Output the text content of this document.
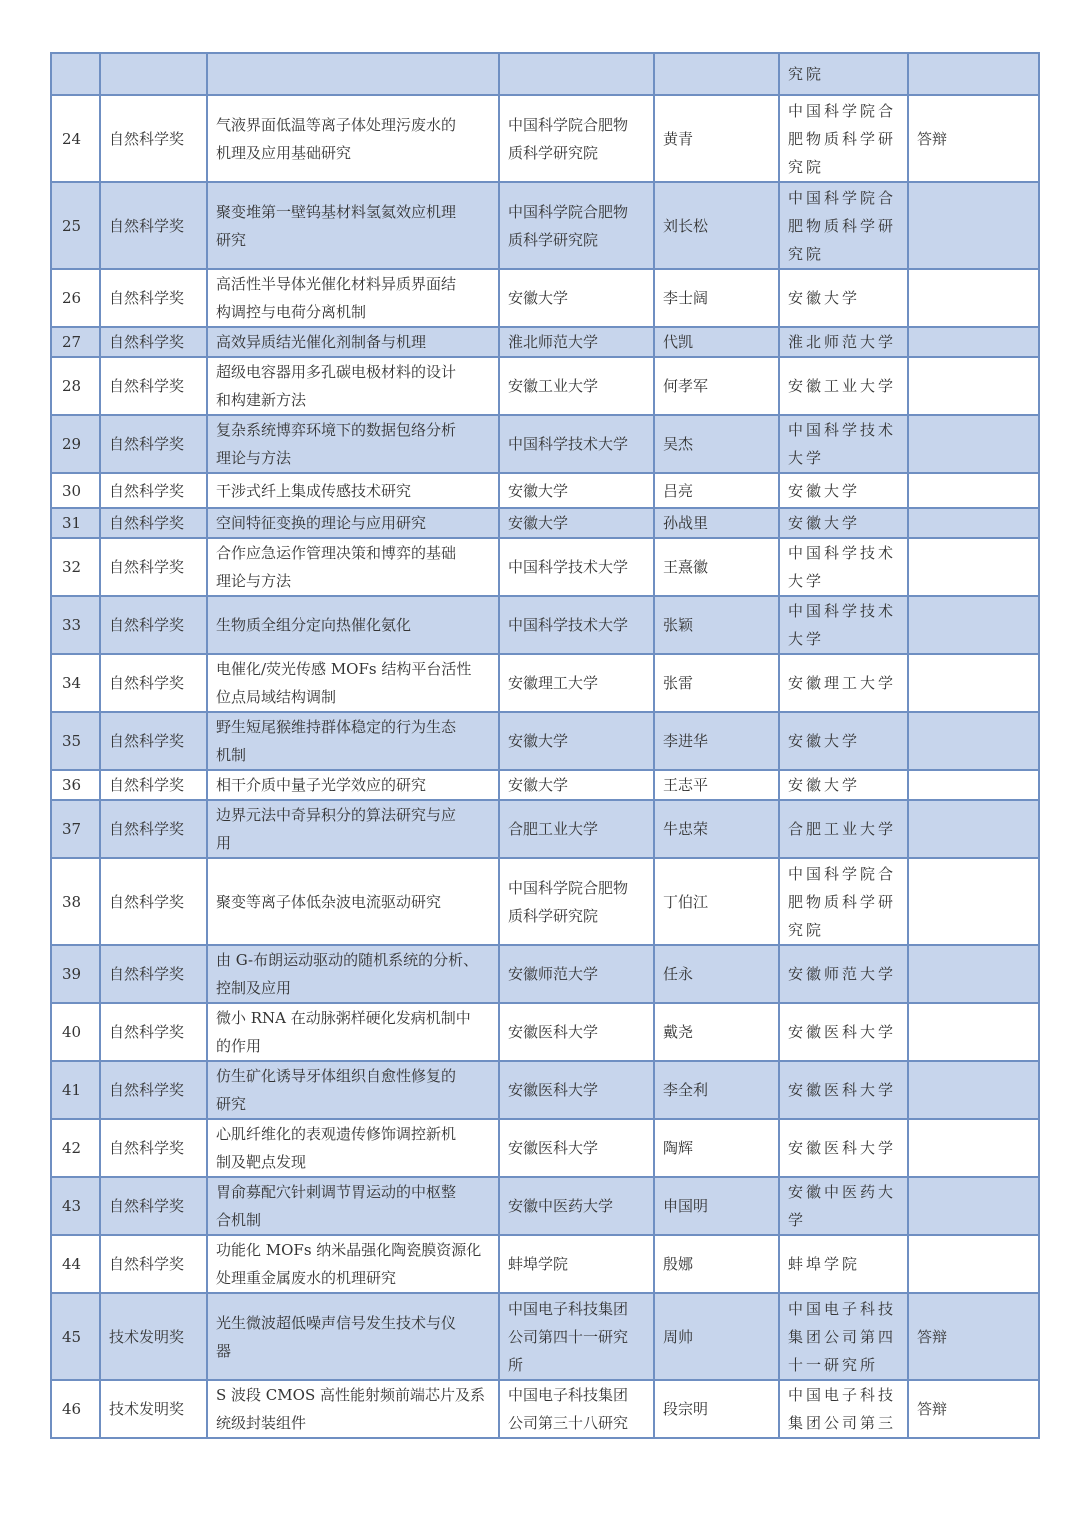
					究院	

24	自然科学奖	气液界面低温等离子体处理污废水的
机理及应用基础研究	中国科学院合肥物
质科学研究院	黄青	中国科学院合
肥物质科学研
究院	答辩

25	自然科学奖	聚变堆第一壁钨基材料氢氦效应机理
研究	中国科学院合肥物
质科学研究院	刘长松	中国科学院合
肥物质科学研
究院	

26	自然科学奖	高活性半导体光催化材料异质界面结
构调控与电荷分离机制	安徽大学	李士阔	安徽大学	

27	自然科学奖	高效异质结光催化剂制备与机理	淮北师范大学	代凯	淮北师范大学	

28	自然科学奖	超级电容器用多孔碳电极材料的设计
和构建新方法	安徽工业大学	何孝军	安徽工业大学	

29	自然科学奖	复杂系统博弈环境下的数据包络分析
理论与方法	中国科学技术大学	吴杰	中国科学技术
大学	

30	自然科学奖	干涉式纤上集成传感技术研究	安徽大学	吕亮	安徽大学	

31	自然科学奖	空间特征变换的理论与应用研究	安徽大学	孙战里	安徽大学	

32	自然科学奖	合作应急运作管理决策和博弈的基础
理论与方法	中国科学技术大学	王熹徽	中国科学技术
大学	

33	自然科学奖	生物质全组分定向热催化氨化	中国科学技术大学	张颖	中国科学技术
大学	

34	自然科学奖	电催化/荧光传感 MOFs 结构平台活性
位点局域结构调制	安徽理工大学	张雷	安徽理工大学	

35	自然科学奖	野生短尾猴维持群体稳定的行为生态
机制	安徽大学	李进华	安徽大学	

36	自然科学奖	相干介质中量子光学效应的研究	安徽大学	王志平	安徽大学	

37	自然科学奖	边界元法中奇异积分的算法研究与应
用	合肥工业大学	牛忠荣	合肥工业大学	

38	自然科学奖	聚变等离子体低杂波电流驱动研究	中国科学院合肥物
质科学研究院	丁伯江	中国科学院合
肥物质科学研
究院	

39	自然科学奖	由 G-布朗运动驱动的随机系统的分析、
控制及应用	安徽师范大学	任永	安徽师范大学	

40	自然科学奖	微小 RNA 在动脉粥样硬化发病机制中
的作用	安徽医科大学	戴尧	安徽医科大学	

41	自然科学奖	仿生矿化诱导牙体组织自愈性修复的
研究	安徽医科大学	李全利	安徽医科大学	

42	自然科学奖	心肌纤维化的表观遗传修饰调控新机
制及靶点发现	安徽医科大学	陶辉	安徽医科大学	

43	自然科学奖	胃俞募配穴针刺调节胃运动的中枢整
合机制	安徽中医药大学	申国明	安徽中医药大
学	

44	自然科学奖	功能化 MOFs 纳米晶强化陶瓷膜资源化
处理重金属废水的机理研究	蚌埠学院	殷娜	蚌埠学院	

45	技术发明奖	光生微波超低噪声信号发生技术与仪
器	中国电子科技集团
公司第四十一研究
所	周帅	中国电子科技
集团公司第四
十一研究所	答辩

46	技术发明奖	S 波段 CMOS 高性能射频前端芯片及系
统级封装组件	中国电子科技集团
公司第三十八研究	段宗明	中国电子科技
集团公司第三	答辩
